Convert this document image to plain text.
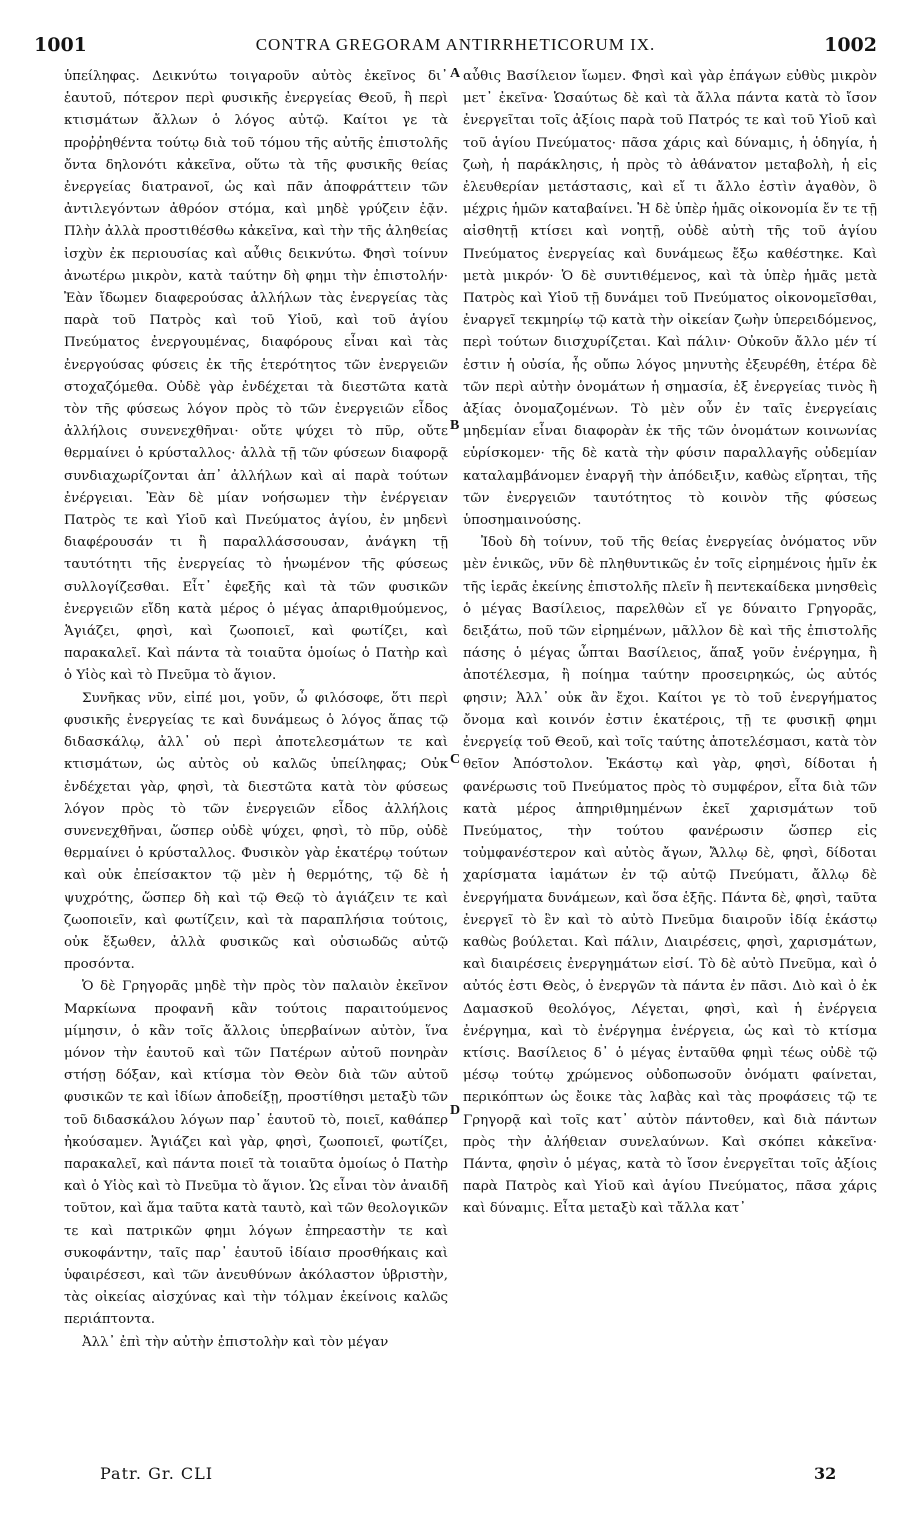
1001	CONTRA GREGORAM ANTIRRHETICORUM IX.	1002

ὑπείληφας. Δεικνύτω τοιγαροῦν αὐτὸς ἐκεῖνος δι᾽ ἑαυτοῦ, πότερον περὶ φυσικῆς ἐνεργείας Θεοῦ, ἢ περὶ κτισμάτων ἄλλων ὁ λόγος αὐτῷ. Καίτοι γε τὰ προῤῥηθέντα τούτῳ διὰ τοῦ τόμου τῆς αὐτῆς ἐπιστολῆς ὄντα δηλονότι κἀκεῖνα, οὕτω τὰ τῆς φυσικῆς θείας ἐνεργείας διατρανοῖ, ὡς καὶ πᾶν ἀποφράττειν τῶν ἀντιλεγόντων ἀθρόον στόμα, καὶ μηδὲ γρύζειν ἐᾷν. Πλὴν ἀλλὰ προστιθέσθω κἀκεῖνα, καὶ τὴν τῆς ἀληθείας ἰσχὺν ἐκ περιουσίας καὶ αὖθις δεικνύτω. Φησὶ τοίνυν ἀνωτέρω μικρὸν, κατὰ ταύτην δὴ φημι τὴν ἐπιστολήν· Ἐὰν ἴδωμεν διαφερούσας ἀλλήλων τὰς ἐνεργείας τὰς παρὰ τοῦ Πατρὸς καὶ τοῦ Υἱοῦ, καὶ τοῦ ἁγίου Πνεύματος ἐνεργουμένας, διαφόρους εἶναι καὶ τὰς ἐνεργούσας φύσεις ἐκ τῆς ἑτερότητος τῶν ἐνεργειῶν στοχαζόμεθα. Οὐδὲ γὰρ ἐνδέχεται τὰ διεστῶτα κατὰ τὸν τῆς φύσεως λόγον πρὸς τὸ τῶν ἐνεργειῶν εἶδος ἀλλήλοις συνενεχθῆναι· οὔτε ψύχει τὸ πῦρ, οὔτε θερμαίνει ὁ κρύσταλλος· ἀλλὰ τῇ τῶν φύσεων διαφορᾷ συνδιαχωρίζονται ἀπ᾽ ἀλλήλων καὶ αἱ παρὰ τούτων ἐνέργειαι. Ἐὰν δὲ μίαν νοήσωμεν τὴν ἐνέργειαν Πατρὸς τε καὶ Υἱοῦ καὶ Πνεύματος ἁγίου, ἐν μηδενὶ διαφέρουσάν τι ἢ παραλλάσσουσαν, ἀνάγκη τῇ ταυτότητι τῆς ἐνεργείας τὸ ἡνωμένον τῆς φύσεως συλλογίζεσθαι. Εἶτ᾽ ἐφεξῆς καὶ τὰ τῶν φυσικῶν ἐνεργειῶν εἴδη κατὰ μέρος ὁ μέγας ἀπαριθμούμενος, Ἁγιάζει, φησὶ, καὶ ζωοποιεῖ, καὶ φωτίζει, καὶ παρακαλεῖ. Καὶ πάντα τὰ τοιαῦτα ὁμοίως ὁ Πατὴρ καὶ ὁ Υἱὸς καὶ τὸ Πνεῦμα τὸ ἅγιον.

Συνῆκας νῦν, εἰπέ μοι, γοῦν, ὦ φιλόσοφε, ὅτι περὶ φυσικῆς ἐνεργείας τε καὶ δυνάμεως ὁ λόγος ἅπας τῷ διδασκάλῳ, ἀλλ᾽ οὐ περὶ ἀποτελεσμάτων τε καὶ κτισμάτων, ὡς αὐτὸς οὐ καλῶς ὑπείληφας; Οὐκ ἐνδέχεται γὰρ, φησὶ, τὰ διεστῶτα κατὰ τὸν φύσεως λόγον πρὸς τὸ τῶν ἐνεργειῶν εἶδος ἀλλήλοις συνενεχθῆναι, ὥσπερ οὐδὲ ψύχει, φησὶ, τὸ πῦρ, οὐδὲ θερμαίνει ὁ κρύσταλλος. Φυσικὸν γὰρ ἑκατέρῳ τούτων καὶ οὐκ ἐπείσακτον τῷ μὲν ἡ θερμότης, τῷ δὲ ἡ ψυχρότης, ὥσπερ δὴ καὶ τῷ Θεῷ τὸ ἁγιάζειν τε καὶ ζωοποιεῖν, καὶ φωτίζειν, καὶ τὰ παραπλήσια τούτοις, οὐκ ἔξωθεν, ἀλλὰ φυσικῶς καὶ οὐσιωδῶς αὐτῷ προσόντα.

Ὁ δὲ Γρηγορᾶς μηδὲ τὴν πρὸς τὸν παλαιὸν ἐκεῖνον Μαρκίωνα προφανῆ κἂν τούτοις παραιτούμενος μίμησιν, ὁ κἂν τοῖς ἄλλοις ὑπερβαίνων αὐτὸν, ἵνα μόνον τὴν ἑαυτοῦ καὶ τῶν Πατέρων αὐτοῦ πονηρὰν στήσῃ δόξαν, καὶ κτίσμα τὸν Θεὸν διὰ τῶν αὐτοῦ φυσικῶν τε καὶ ἰδίων ἀποδείξῃ, προστίθησι μεταξὺ τῶν τοῦ διδασκάλου λόγων παρ᾽ ἑαυτοῦ τὸ, ποιεῖ, καθάπερ ἠκούσαμεν. Ἁγιάζει καὶ γὰρ, φησὶ, ζωοποιεῖ, φωτίζει, παρακαλεῖ, καὶ πάντα ποιεῖ τὰ τοιαῦτα ὁμοίως ὁ Πατὴρ καὶ ὁ Υἱὸς καὶ τὸ Πνεῦμα τὸ ἅγιον. Ὡς εἶναι τὸν ἀναιδῆ τοῦτον, καὶ ἅμα ταῦτα κατὰ ταυτὸ, καὶ τῶν θεολογικῶν τε καὶ πατρικῶν φημι λόγων ἐπηρεαστὴν τε καὶ συκοφάντην, ταῖς παρ᾽ ἑαυτοῦ ἰδίαισ προσθήκαις καὶ ὑφαιρέσεσι, καὶ τῶν ἀνευθύνων ἀκόλαστον ὑβριστὴν, τὰς οἰκείας αἰσχύνας καὶ τὴν τόλμαν ἐκείνοις καλῶς περιάπτοντα.

Ἀλλ᾽ ἐπὶ τὴν αὐτὴν ἐπιστολὴν καὶ τὸν μέγαν

αὖθις Βασίλειον ἴωμεν. Φησὶ καὶ γὰρ ἐπάγων εὐθὺς μικρὸν μετ᾽ ἐκεῖνα· Ὡσαύτως δὲ καὶ τὰ ἄλλα πάντα κατὰ τὸ ἴσον ἐνεργεῖται τοῖς ἀξίοις παρὰ τοῦ Πατρός τε καὶ τοῦ Υἱοῦ καὶ τοῦ ἁγίου Πνεύματος· πᾶσα χάρις καὶ δύναμις, ἡ ὁδηγία, ἡ ζωὴ, ἡ παράκλησις, ἡ πρὸς τὸ ἀθάνατον μεταβολὴ, ἡ εἰς ἐλευθερίαν μετάστασις, καὶ εἴ τι ἄλλο ἐστὶν ἀγαθὸν, ὃ μέχρις ἡμῶν καταβαίνει. Ἡ δὲ ὑπὲρ ἡμᾶς οἰκονομία ἔν τε τῇ αἰσθητῇ κτίσει καὶ νοητῇ, οὐδὲ αὐτὴ τῆς τοῦ ἁγίου Πνεύματος ἐνεργείας καὶ δυνάμεως ἔξω καθέστηκε. Καὶ μετὰ μικρόν· Ὁ δὲ συντιθέμενος, καὶ τὰ ὑπὲρ ἡμᾶς μετὰ Πατρὸς καὶ Υἱοῦ τῇ δυνάμει τοῦ Πνεύματος οἰκονομεῖσθαι, ἐναργεῖ τεκμηρίῳ τῷ κατὰ τὴν οἰκείαν ζωὴν ὑπερειδόμενος, περὶ τούτων διισχυρίζεται. Καὶ πάλιν· Οὐκοῦν ἄλλο μέν τί ἐστιν ἡ οὐσία, ἧς οὔπω λόγος μηνυτὴς ἐξευρέθη, ἑτέρα δὲ τῶν περὶ αὐτὴν ὀνομάτων ἡ σημασία, ἐξ ἐνεργείας τινὸς ἢ ἀξίας ὀνομαζομένων. Τὸ μὲν οὖν ἐν ταῖς ἐνεργείαις μηδεμίαν εἶναι διαφορὰν ἐκ τῆς τῶν ὀνομάτων κοινωνίας εὑρίσκομεν· τῆς δὲ κατὰ τὴν φύσιν παραλλαγῆς οὐδεμίαν καταλαμβάνομεν ἐναργῆ τὴν ἀπόδειξιν, καθὼς εἴρηται, τῆς τῶν ἐνεργειῶν ταυτότητος τὸ κοινὸν τῆς φύσεως ὑποσημαινούσης.

Ἰδοὺ δὴ τοίνυν, τοῦ τῆς θείας ἐνεργείας ὀνόματος νῦν μὲν ἑνικῶς, νῦν δὲ πληθυντικῶς ἐν τοῖς εἰρημένοις ἡμῖν ἐκ τῆς ἱερᾶς ἐκείνης ἐπιστολῆς πλεῖν ἢ πεντεκαίδεκα μνησθεὶς ὁ μέγας Βασίλειος, παρελθὼν εἴ γε δύναιτο Γρηγορᾶς, δειξάτω, ποῦ τῶν εἰρημένων, μᾶλλον δὲ καὶ τῆς ἐπιστολῆς πάσης ὁ μέγας ὦπται Βασίλειος, ἅπαξ γοῦν ἐνέργημα, ἢ ἀποτέλεσμα, ἢ ποίημα ταύτην προσειρηκώς, ὡς αὐτός φησιν; Ἀλλ᾽ οὐκ ἂν ἔχοι. Καίτοι γε τὸ τοῦ ἐνεργήματος ὄνομα καὶ κοινόν ἐστιν ἑκατέροις, τῇ τε φυσικῇ φημι ἐνεργείᾳ τοῦ Θεοῦ, καὶ τοῖς ταύτης ἀποτελέσμασι, κατὰ τὸν θεῖον Ἀπόστολον. Ἑκάστῳ καὶ γὰρ, φησὶ, δίδοται ἡ φανέρωσις τοῦ Πνεύματος πρὸς τὸ συμφέρον, εἶτα διὰ τῶν κατὰ μέρος ἀπηριθμημένων ἐκεῖ χαρισμάτων τοῦ Πνεύματος, τὴν τούτου φανέρωσιν ὥσπερ εἰς τοὐμφανέστερον καὶ αὐτὸς ἄγων, Ἄλλῳ δὲ, φησὶ, δίδοται χαρίσματα ἰαμάτων ἐν τῷ αὐτῷ Πνεύματι, ἄλλῳ δὲ ἐνεργήματα δυνάμεων, καὶ ὅσα ἑξῆς. Πάντα δὲ, φησὶ, ταῦτα ἐνεργεῖ τὸ ἓν καὶ τὸ αὐτὸ Πνεῦμα διαιροῦν ἰδίᾳ ἑκάστῳ καθὼς βούλεται. Καὶ πάλιν, Διαιρέσεις, φησὶ, χαρισμάτων, καὶ διαιρέσεις ἐνεργημάτων εἰσί. Τὸ δὲ αὐτὸ Πνεῦμα, καὶ ὁ αὐτός ἐστι Θεὸς, ὁ ἐνεργῶν τὰ πάντα ἐν πᾶσι. Διὸ καὶ ὁ ἐκ Δαμασκοῦ θεολόγος, Λέγεται, φησὶ, καὶ ἡ ἐνέργεια ἐνέργημα, καὶ τὸ ἐνέργημα ἐνέργεια, ὡς καὶ τὸ κτίσμα κτίσις. Βασίλειος δ᾽ ὁ μέγας ἐνταῦθα φημὶ τέως οὐδὲ τῷ μέσῳ τούτῳ χρώμενος οὐδοπωσοῦν ὀνόματι φαίνεται, περικόπτων ὡς ἔοικε τὰς λαβὰς καὶ τὰς προφάσεις τῷ τε Γρηγορᾷ καὶ τοῖς κατ᾽ αὐτὸν πάντοθεν, καὶ διὰ πάντων πρὸς τὴν ἀλήθειαν συνελαύνων. Καὶ σκόπει κἀκεῖνα· Πάντα, φησὶν ὁ μέγας, κατὰ τὸ ἴσον ἐνεργεῖται τοῖς ἀξίοις παρὰ Πατρὸς καὶ Υἱοῦ καὶ ἁγίου Πνεύματος, πᾶσα χάρις καὶ δύναμις. Εἶτα μεταξὺ καὶ τἄλλα κατ᾽

A
B
C
D
Patr. Gr. CLI	32
